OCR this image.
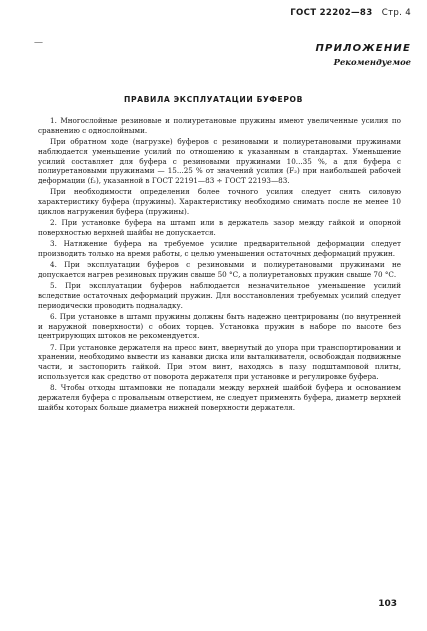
ГОСТ 22202—83 Стр. 4
—	ПРИЛОЖЕНИЕ
Рекомендуемое
ПРАВИЛА ЭКСПЛУАТАЦИИ БУФЕРОВ

1. Многослойные резиновые и полиуретановые пружины имеют увеличенные усилия по сравнению с однослойными.

При обратном ходе (нагрузке) буферов с резиновыми и полиуретановыми пружинами наблюдается уменьшение усилий по отношению к указанным в стандартах. Уменьшение усилий составляет для буфера с резиновыми пружинами 10...35 %, а для буфера с полиуретановыми пружинами — 15...25 % от значений усилия (F₂) при наибольшей рабочей деформации (f₂), указанной в ГОСТ 22191—83 ÷ ГОСТ 22193—83.

При необходимости определения более точного усилия следует снять силовую характеристику буфера (пружины). Характеристику необходимо снимать после не менее 10 циклов нагружения буфера (пружины).

2. При установке буфера на штамп или в держатель зазор между гайкой и опорной поверхностью верхней шайбы не допускается.

3. Натяжение буфера на требуемое усилие предварительной деформации следует производить только на время работы, с целью уменьшения остаточных деформаций пружин.

4. При эксплуатации буферов с резиновыми и полиуретановыми пружинами не допускается нагрев резиновых пружин свыше 50 °С, а полиуретановых пружин свыше 70 °С.

5. При эксплуатации буферов наблюдается незначительное уменьшение усилий вследствие остаточных деформаций пружин. Для восстановления требуемых усилий следует периодически проводить подналадку.

6. При установке в штамп пружины должны быть надежно центрированы (по внутренней и наружной поверхности) с обоих торцев. Установка пружин в наборе по высоте без центрирующих штоков не рекомендуется.

7. При установке держателя на пресс винт, ввернутый до упора при транспортировании и хранении, необходимо вывести из канавки диска или выталкивателя, освобождая подвижные части, и застопорить гайкой. При этом винт, находясь в пазу подштамповой плиты, используется как средство от поворота держателя при установке и регулировке буфера.

8. Чтобы отходы штамповки не попадали между верхней шайбой буфера и основанием держателя буфера с провальным отверстием, не следует применять буфера, диаметр верхней шайбы которых больше диаметра нижней поверхности держателя.

103
